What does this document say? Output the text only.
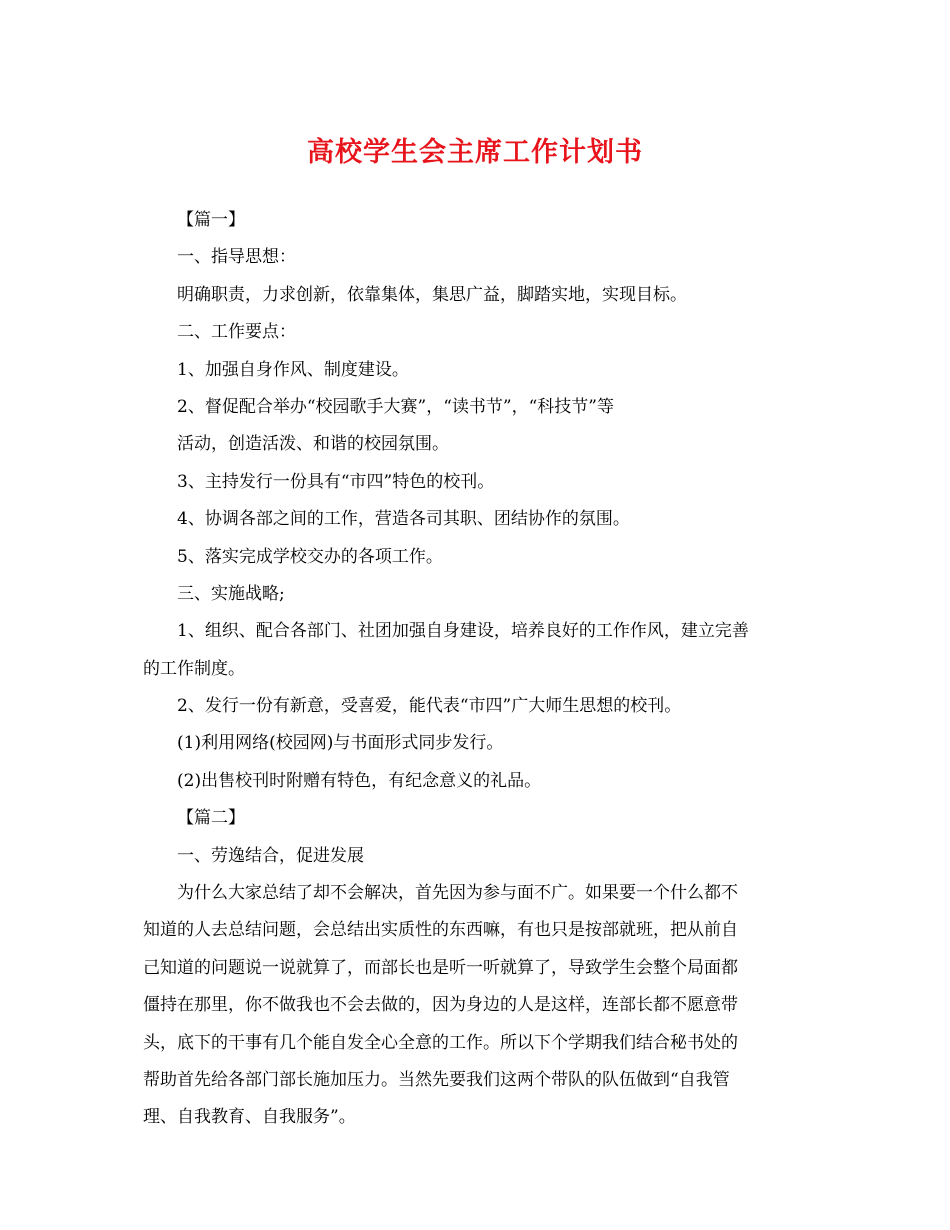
高校学生会主席工作计划书
【篇一】
一、指导思想：
明确职责，力求创新，依靠集体，集思广益，脚踏实地，实现目标。
二、工作要点：
1、加强自身作风、制度建设。
2、督促配合举办“校园歌手大赛”，“读书节”，“科技节”等
活动，创造活泼、和谐的校园氛围。
3、主持发行一份具有“市四”特色的校刊。
4、协调各部之间的工作，营造各司其职、团结协作的氛围。
5、落实完成学校交办的各项工作。
三、实施战略;
1、组织、配合各部门、社团加强自身建设，培养良好的工作作风，建立完善
的工作制度。
2、发行一份有新意，受喜爱，能代表“市四”广大师生思想的校刊。
(1)利用网络(校园网)与书面形式同步发行。
(2)出售校刊时附赠有特色，有纪念意义的礼品。
【篇二】
一、劳逸结合，促进发展
为什么大家总结了却不会解决，首先因为参与面不广。如果要一个什么都不
知道的人去总结问题，会总结出实质性的东西嘛，有也只是按部就班，把从前自
己知道的问题说一说就算了，而部长也是听一听就算了，导致学生会整个局面都
僵持在那里，你不做我也不会去做的，因为身边的人是这样，连部长都不愿意带
头，底下的干事有几个能自发全心全意的工作。所以下个学期我们结合秘书处的
帮助首先给各部门部长施加压力。当然先要我们这两个带队的队伍做到“自我管
理、自我教育、自我服务”。
